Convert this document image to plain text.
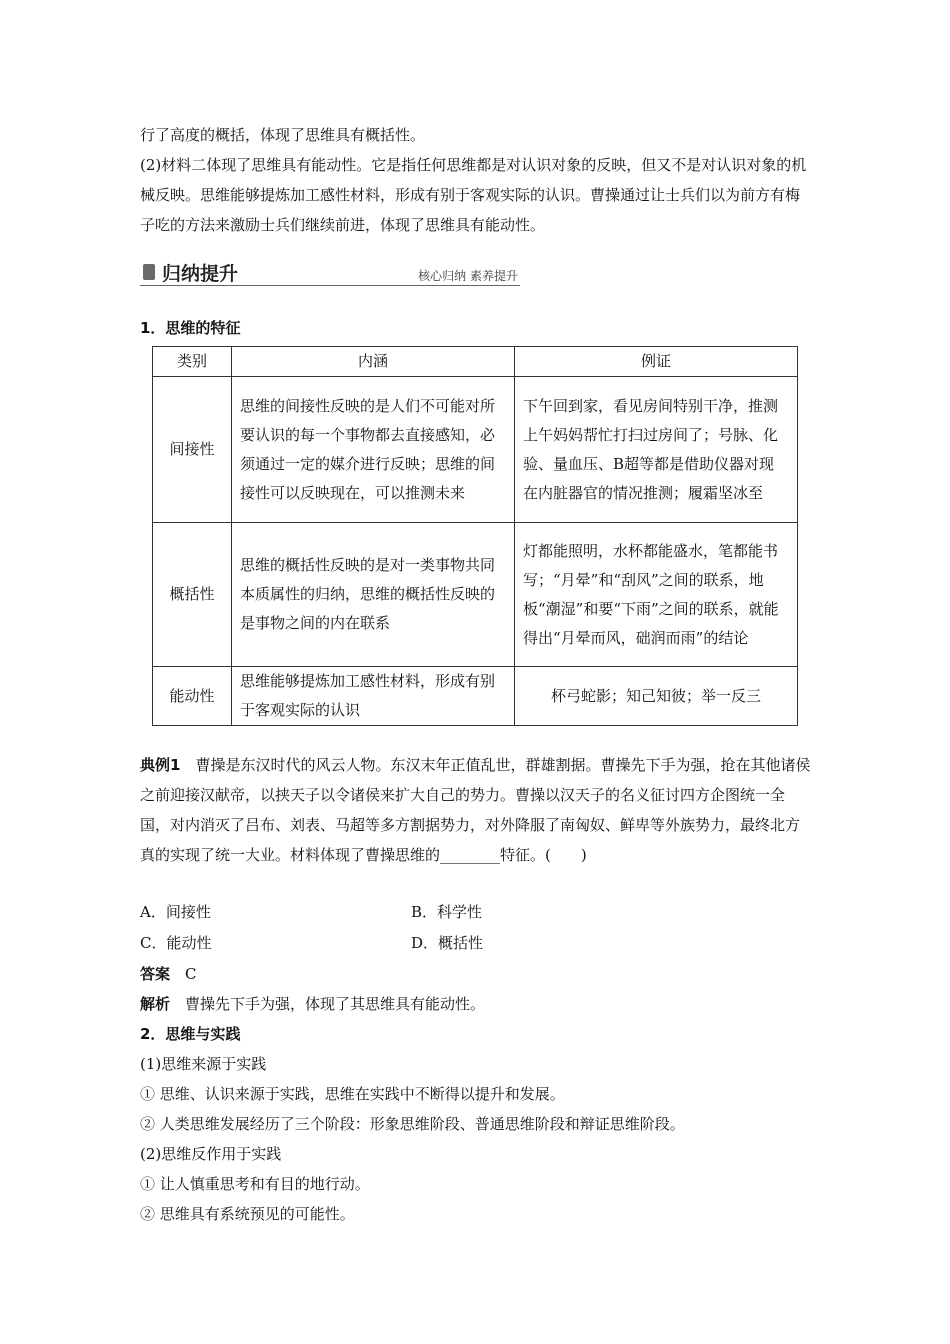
行了高度的概括，体现了思维具有概括性。

(2)材料二体现了思维具有能动性。它是指任何思维都是对认识对象的反映，但又不是对认识对象的机械反映。思维能够提炼加工感性材料，形成有别于客观实际的认识。曹操通过让士兵们以为前方有梅子吃的方法来激励士兵们继续前进，体现了思维具有能动性。

归纳提升	核心归纳 素养提升

1．思维的特征

类别	内涵	例证
间接性	思维的间接性反映的是人们不可能对所要认识的每一个事物都去直接感知，必须通过一定的媒介进行反映；思维的间接性可以反映现在，可以推测未来	下午回到家，看见房间特别干净，推测上午妈妈帮忙打扫过房间了；号脉、化验、量血压、B超等都是借助仪器对现在内脏器官的情况推测；履霜坚冰至
概括性	思维的概括性反映的是对一类事物共同本质属性的归纳，思维的概括性反映的是事物之间的内在联系	灯都能照明，水杯都能盛水，笔都能书写；“月晕”和“刮风”之间的联系，地板“潮湿”和要“下雨”之间的联系，就能得出“月晕而风，础润而雨”的结论
能动性	思维能够提炼加工感性材料，形成有别于客观实际的认识	杯弓蛇影；知己知彼；举一反三

典例1　 曹操是东汉时代的风云人物。东汉末年正值乱世，群雄割据。曹操先下手为强，抢在其他诸侯之前迎接汉献帝，以挟天子以令诸侯来扩大自己的势力。曹操以汉天子的名义征讨四方企图统一全国，对内消灭了吕布、刘表、马超等多方割据势力，对外降服了南匈奴、鲜卑等外族势力，最终北方真的实现了统一大业。材料体现了曹操思维的________特征。(　　)

A．间接性	B．科学性
C．能动性	D．概括性

答案　 C

解析　 曹操先下手为强，体现了其思维具有能动性。

2．思维与实践

(1)思维来源于实践

① 思维、认识来源于实践，思维在实践中不断得以提升和发展。

② 人类思维发展经历了三个阶段：形象思维阶段、普通思维阶段和辩证思维阶段。

(2)思维反作用于实践

① 让人慎重思考和有目的地行动。

② 思维具有系统预见的可能性。
